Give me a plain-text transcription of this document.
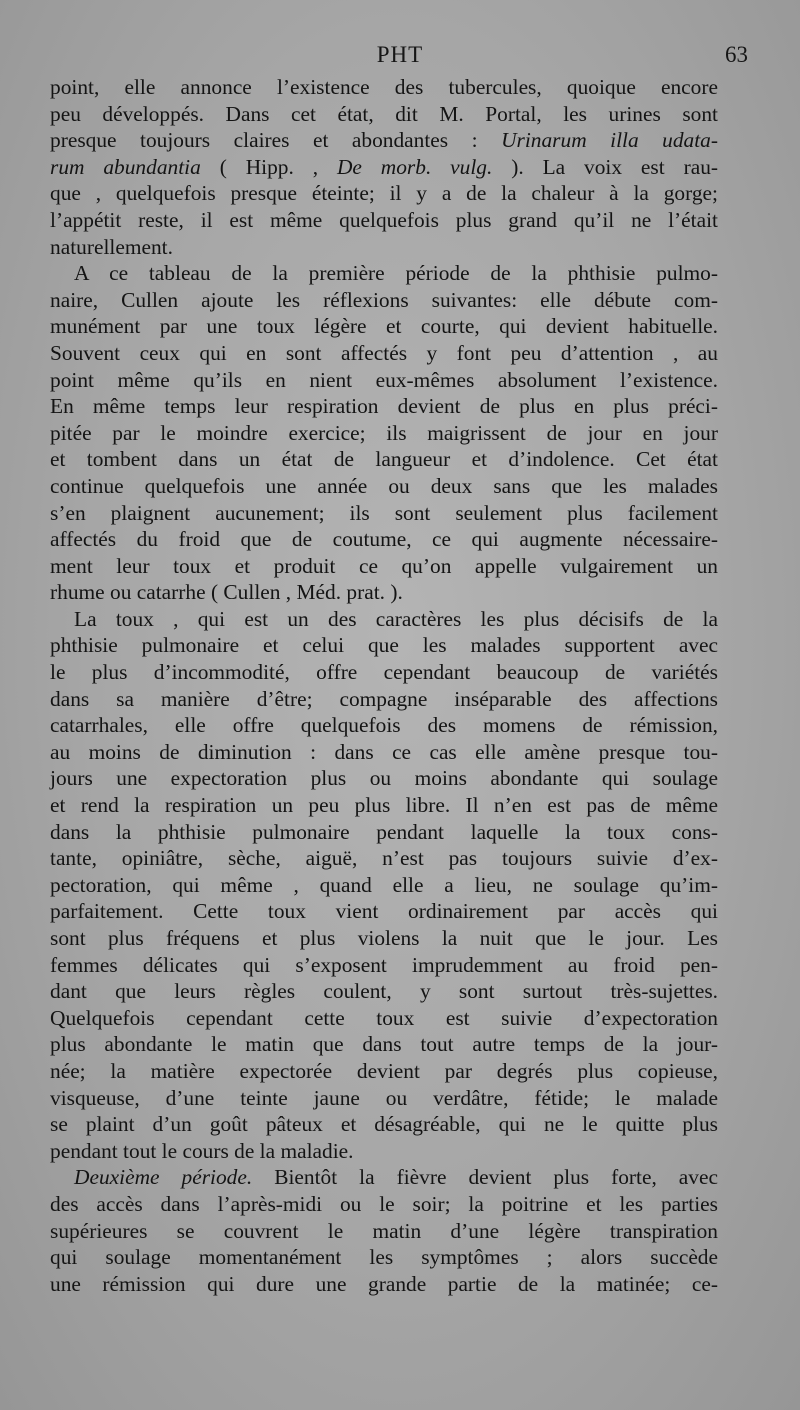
PHT	63
point, elle annonce l’existence des tubercules, quoique encore
peu développés. Dans cet état, dit M. Portal, les urines sont
presque toujours claires et abondantes : Urinarum illa udata-
rum abundantia ( Hipp. , De morb. vulg. ). La voix est rau-
que , quelquefois presque éteinte; il y a de la chaleur à la gorge;
l’appétit reste, il est même quelquefois plus grand qu’il ne l’était
naturellement.
A ce tableau de la première période de la phthisie pulmo-
naire, Cullen ajoute les réflexions suivantes: elle débute com-
munément par une toux légère et courte, qui devient habituelle.
Souvent ceux qui en sont affectés y font peu d’attention , au
point même qu’ils en nient eux-mêmes absolument l’existence.
En même temps leur respiration devient de plus en plus préci-
pitée par le moindre exercice; ils maigrissent de jour en jour
et tombent dans un état de langueur et d’indolence. Cet état
continue quelquefois une année ou deux sans que les malades
s’en plaignent aucunement; ils sont seulement plus facilement
affectés du froid que de coutume, ce qui augmente nécessaire-
ment leur toux et produit ce qu’on appelle vulgairement un
rhume ou catarrhe ( Cullen , Méd. prat. ).
La toux , qui est un des caractères les plus décisifs de la
phthisie pulmonaire et celui que les malades supportent avec
le plus d’incommodité, offre cependant beaucoup de variétés
dans sa manière d’être; compagne inséparable des affections
catarrhales, elle offre quelquefois des momens de rémission,
au moins de diminution : dans ce cas elle amène presque tou-
jours une expectoration plus ou moins abondante qui soulage
et rend la respiration un peu plus libre. Il n’en est pas de même
dans la phthisie pulmonaire pendant laquelle la toux cons-
tante, opiniâtre, sèche, aiguë, n’est pas toujours suivie d’ex-
pectoration, qui même , quand elle a lieu, ne soulage qu’im-
parfaitement. Cette toux vient ordinairement par accès qui
sont plus fréquens et plus violens la nuit que le jour. Les
femmes délicates qui s’exposent imprudemment au froid pen-
dant que leurs règles coulent, y sont surtout très-sujettes.
Quelquefois cependant cette toux est suivie d’expectoration
plus abondante le matin que dans tout autre temps de la jour-
née; la matière expectorée devient par degrés plus copieuse,
visqueuse, d’une teinte jaune ou verdâtre, fétide; le malade
se plaint d’un goût pâteux et désagréable, qui ne le quitte plus
pendant tout le cours de la maladie.
Deuxième période. Bientôt la fièvre devient plus forte, avec
des accès dans l’après-midi ou le soir; la poitrine et les parties
supérieures se couvrent le matin d’une légère transpiration
qui soulage momentanément les symptômes ; alors succède
une rémission qui dure une grande partie de la matinée; ce-
